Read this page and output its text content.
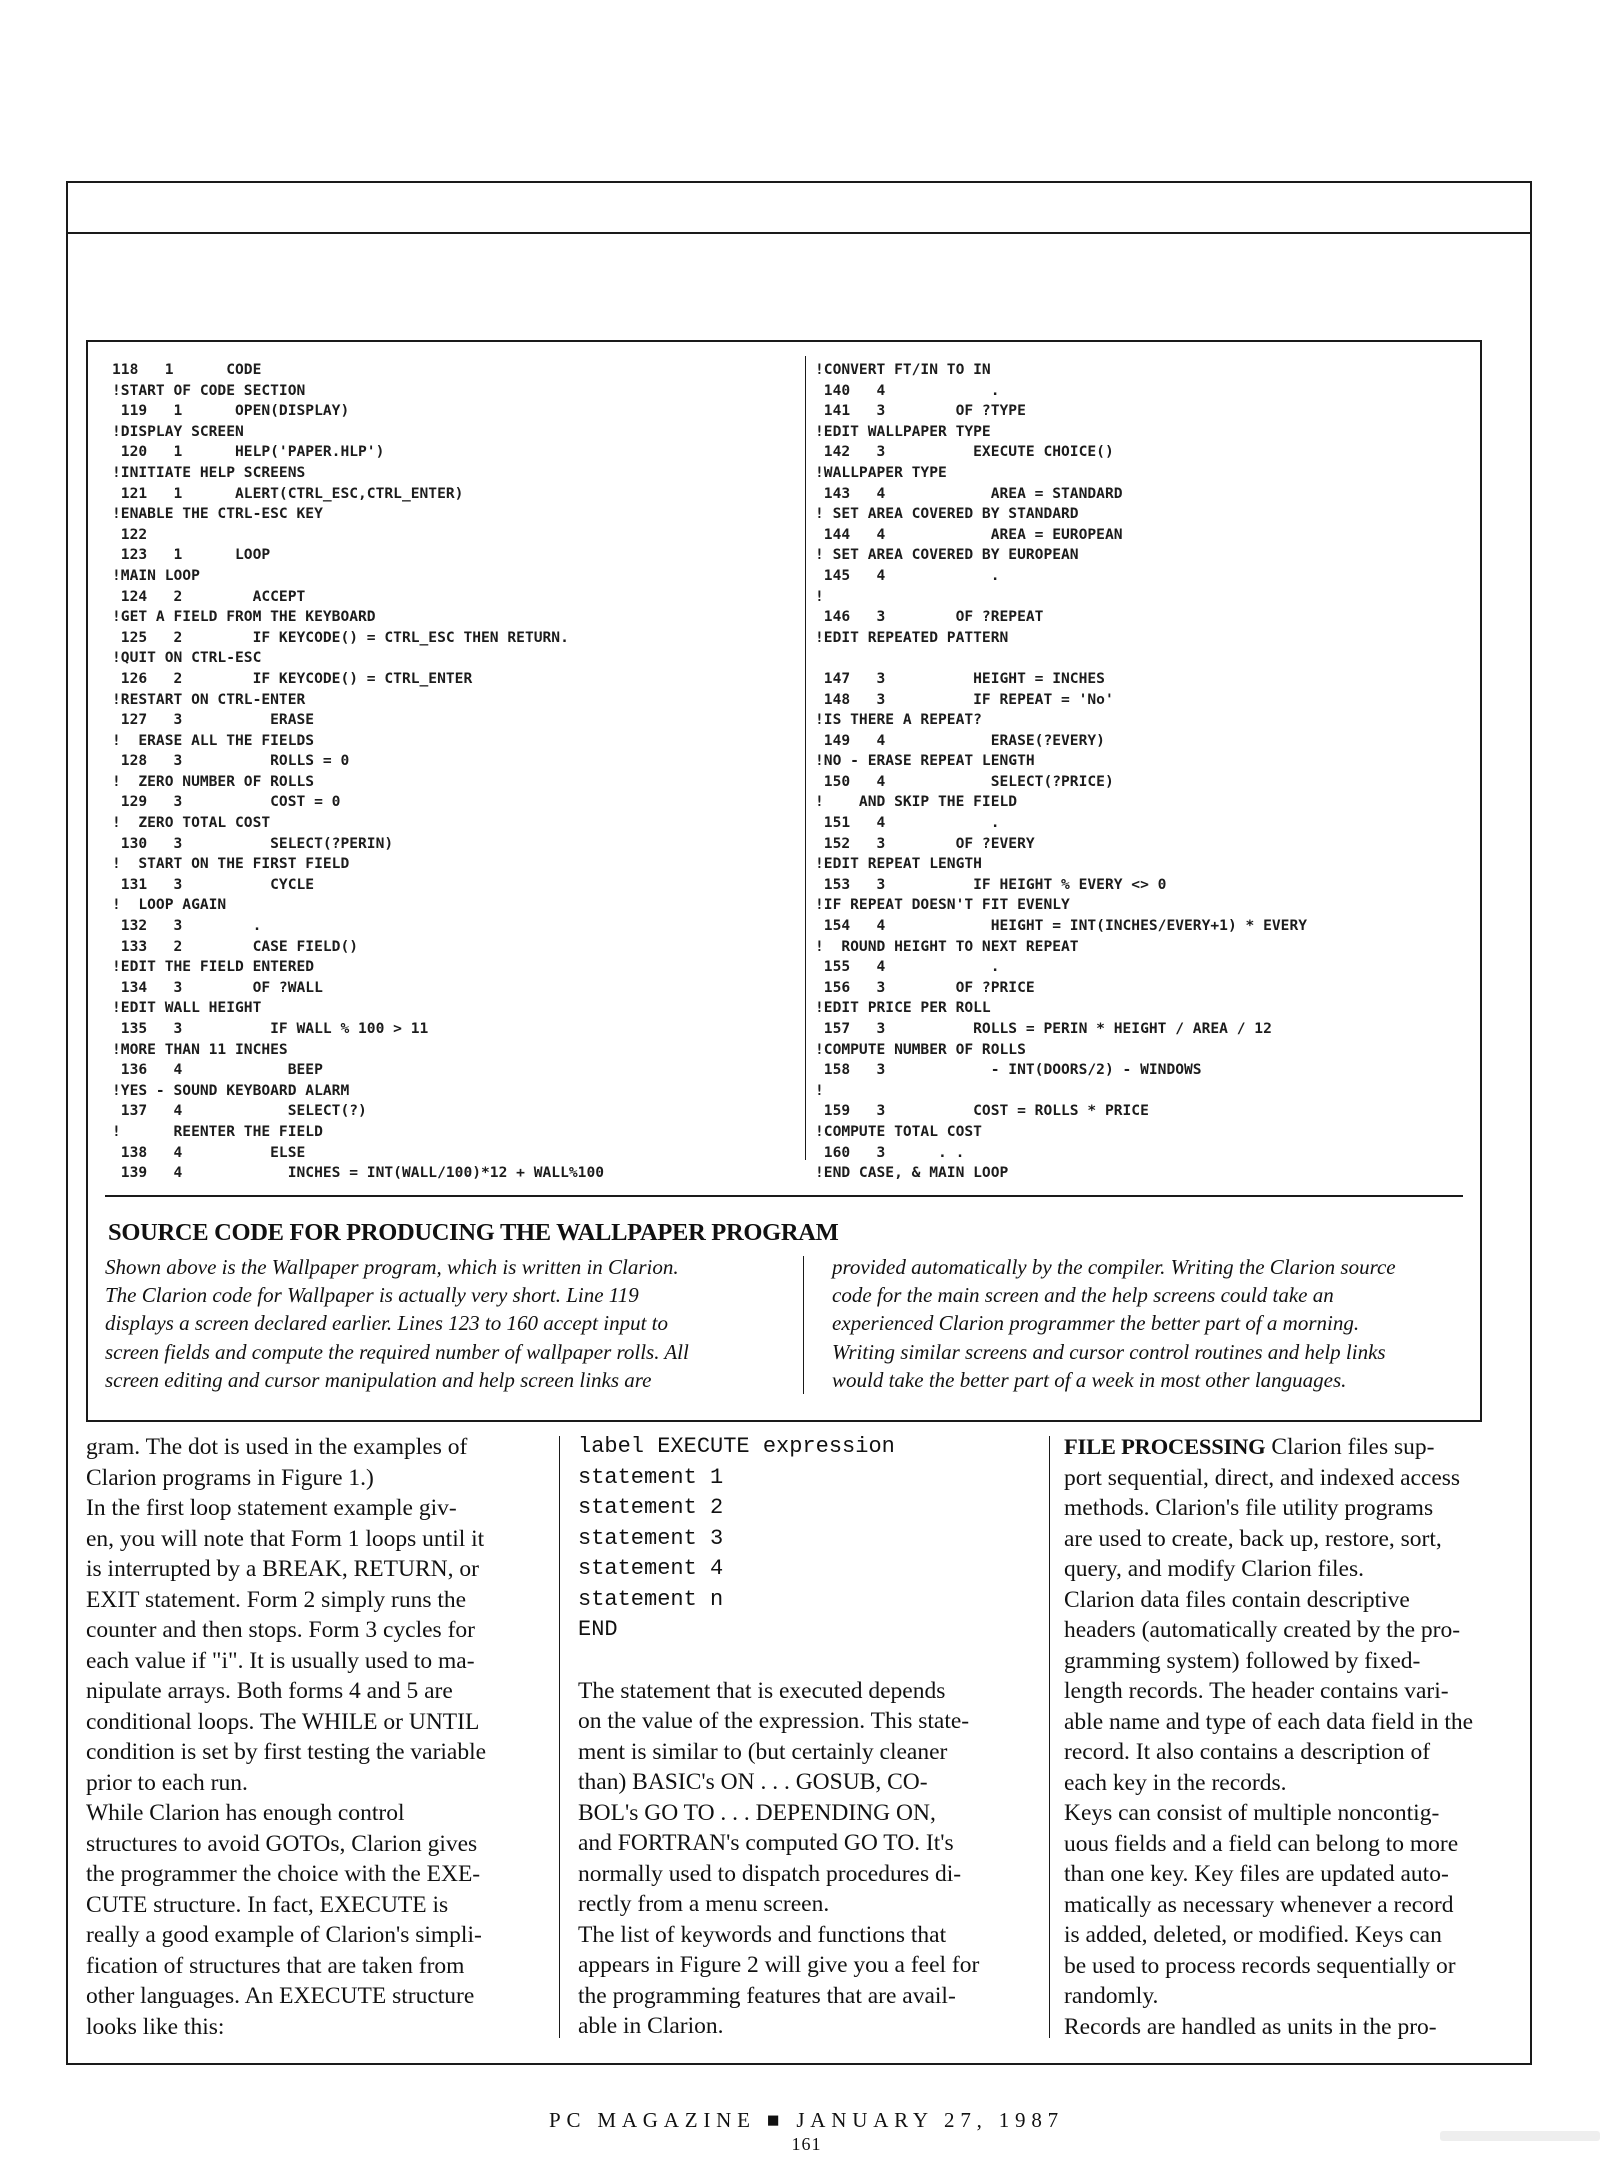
118   1      CODE
!START OF CODE SECTION
119   1      OPEN(DISPLAY)
!DISPLAY SCREEN
120   1      HELP('PAPER.HLP')
!INITIATE HELP SCREENS
121   1      ALERT(CTRL_ESC,CTRL_ENTER)
!ENABLE THE CTRL-ESC KEY
122
123   1      LOOP
!MAIN LOOP
124   2        ACCEPT
!GET A FIELD FROM THE KEYBOARD
125   2        IF KEYCODE() = CTRL_ESC THEN RETURN.
!QUIT ON CTRL-ESC
126   2        IF KEYCODE() = CTRL_ENTER
!RESTART ON CTRL-ENTER
127   3          ERASE
!  ERASE ALL THE FIELDS
128   3          ROLLS = 0
!  ZERO NUMBER OF ROLLS
129   3          COST = 0
!  ZERO TOTAL COST
130   3          SELECT(?PERIN)
!  START ON THE FIRST FIELD
131   3          CYCLE
!  LOOP AGAIN
132   3        .
133   2        CASE FIELD()
!EDIT THE FIELD ENTERED
134   3        OF ?WALL
!EDIT WALL HEIGHT
135   3          IF WALL % 100 > 11
!MORE THAN 11 INCHES
136   4            BEEP
!YES - SOUND KEYBOARD ALARM
137   4            SELECT(?)
!      REENTER THE FIELD
138   4          ELSE
139   4            INCHES = INT(WALL/100)*12 + WALL%100
!CONVERT FT/IN TO IN
140   4            .
141   3        OF ?TYPE
!EDIT WALLPAPER TYPE
142   3          EXECUTE CHOICE()
!WALLPAPER TYPE
143   4            AREA = STANDARD
! SET AREA COVERED BY STANDARD
144   4            AREA = EUROPEAN
! SET AREA COVERED BY EUROPEAN
145   4            .
!
146   3        OF ?REPEAT
!EDIT REPEATED PATTERN

147   3          HEIGHT = INCHES
148   3          IF REPEAT = 'No'
!IS THERE A REPEAT?
149   4            ERASE(?EVERY)
!NO - ERASE REPEAT LENGTH
150   4            SELECT(?PRICE)
!    AND SKIP THE FIELD
151   4            .
152   3        OF ?EVERY
!EDIT REPEAT LENGTH
153   3          IF HEIGHT % EVERY <> 0
!IF REPEAT DOESN'T FIT EVENLY
154   4            HEIGHT = INT(INCHES/EVERY+1) * EVERY
!  ROUND HEIGHT TO NEXT REPEAT
155   4            .
156   3        OF ?PRICE
!EDIT PRICE PER ROLL
157   3          ROLLS = PERIN * HEIGHT / AREA / 12
!COMPUTE NUMBER OF ROLLS
158   3            - INT(DOORS/2) - WINDOWS
!
159   3          COST = ROLLS * PRICE
!COMPUTE TOTAL COST
160   3      . .
!END CASE, & MAIN LOOP
SOURCE CODE FOR PRODUCING THE WALLPAPER PROGRAM
Shown above is the Wallpaper program, which is written in Clarion.
The Clarion code for Wallpaper is actually very short. Line 119
displays a screen declared earlier. Lines 123 to 160 accept input to
screen fields and compute the required number of wallpaper rolls. All
screen editing and cursor manipulation and help screen links are
provided automatically by the compiler. Writing the Clarion source
code for the main screen and the help screens could take an
experienced Clarion programmer the better part of a morning.
Writing similar screens and cursor control routines and help links
would take the better part of a week in most other languages.
gram. The dot is used in the examples of
Clarion programs in Figure 1.)
In the first loop statement example giv-
en, you will note that Form 1 loops until it
is interrupted by a BREAK, RETURN, or
EXIT statement. Form 2 simply runs the
counter and then stops. Form 3 cycles for
each value if "i". It is usually used to ma-
nipulate arrays. Both forms 4 and 5 are
conditional loops. The WHILE or UNTIL
condition is set by first testing the variable
prior to each run.
While Clarion has enough control
structures to avoid GOTOs, Clarion gives
the programmer the choice with the EXE-
CUTE structure. In fact, EXECUTE is
really a good example of Clarion's simpli-
fication of structures that are taken from
other languages. An EXECUTE structure
looks like this:
label EXECUTE expression
statement 1
statement 2
statement 3
statement 4
statement n
END
The statement that is executed depends
on the value of the expression. This state-
ment is similar to (but certainly cleaner
than) BASIC's ON . . . GOSUB, CO-
BOL's GO TO . . . DEPENDING ON,
and FORTRAN's computed GO TO. It's
normally used to dispatch procedures di-
rectly from a menu screen.
The list of keywords and functions that
appears in Figure 2 will give you a feel for
the programming features that are avail-
able in Clarion.
FILE PROCESSING Clarion files sup-
port sequential, direct, and indexed access
methods. Clarion's file utility programs
are used to create, back up, restore, sort,
query, and modify Clarion files.
Clarion data files contain descriptive
headers (automatically created by the pro-
gramming system) followed by fixed-
length records. The header contains vari-
able name and type of each data field in the
record. It also contains a description of
each key in the records.
Keys can consist of multiple noncontig-
uous fields and a field can belong to more
than one key. Key files are updated auto-
matically as necessary whenever a record
is added, deleted, or modified. Keys can
be used to process records sequentially or
randomly.
Records are handled as units in the pro-
PC MAGAZINE ■ JANUARY 27, 1987
161
